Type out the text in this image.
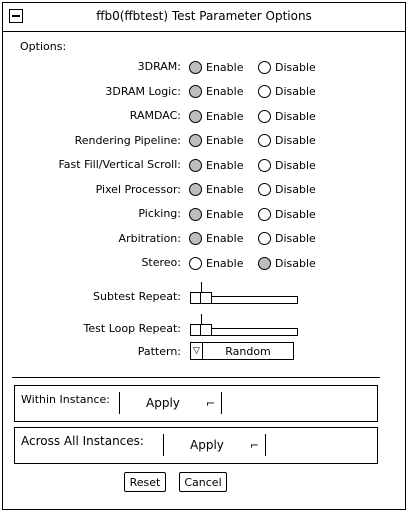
ffb0(ffbtest) Test Parameter Options
Options:
3DRAM: Enable	Disable
3DRAM Logic: Enable	Disable
RAMDAC: Enable	Disable
Rendering Pipeline: Enable	Disable
Fast Fill/Vertical Scroll: Enable	Disable
Pixel Processor: Enable	Disable
Picking: Enable	Disable
Arbitration: Enable	Disable
Stereo: Enable	Disable
Subtest Repeat:
Test Loop Repeat:
Pattern: ▽	Random
Within Instance:	Apply	⌐
Across All Instances:	Apply	⌐
Reset	Cancel
